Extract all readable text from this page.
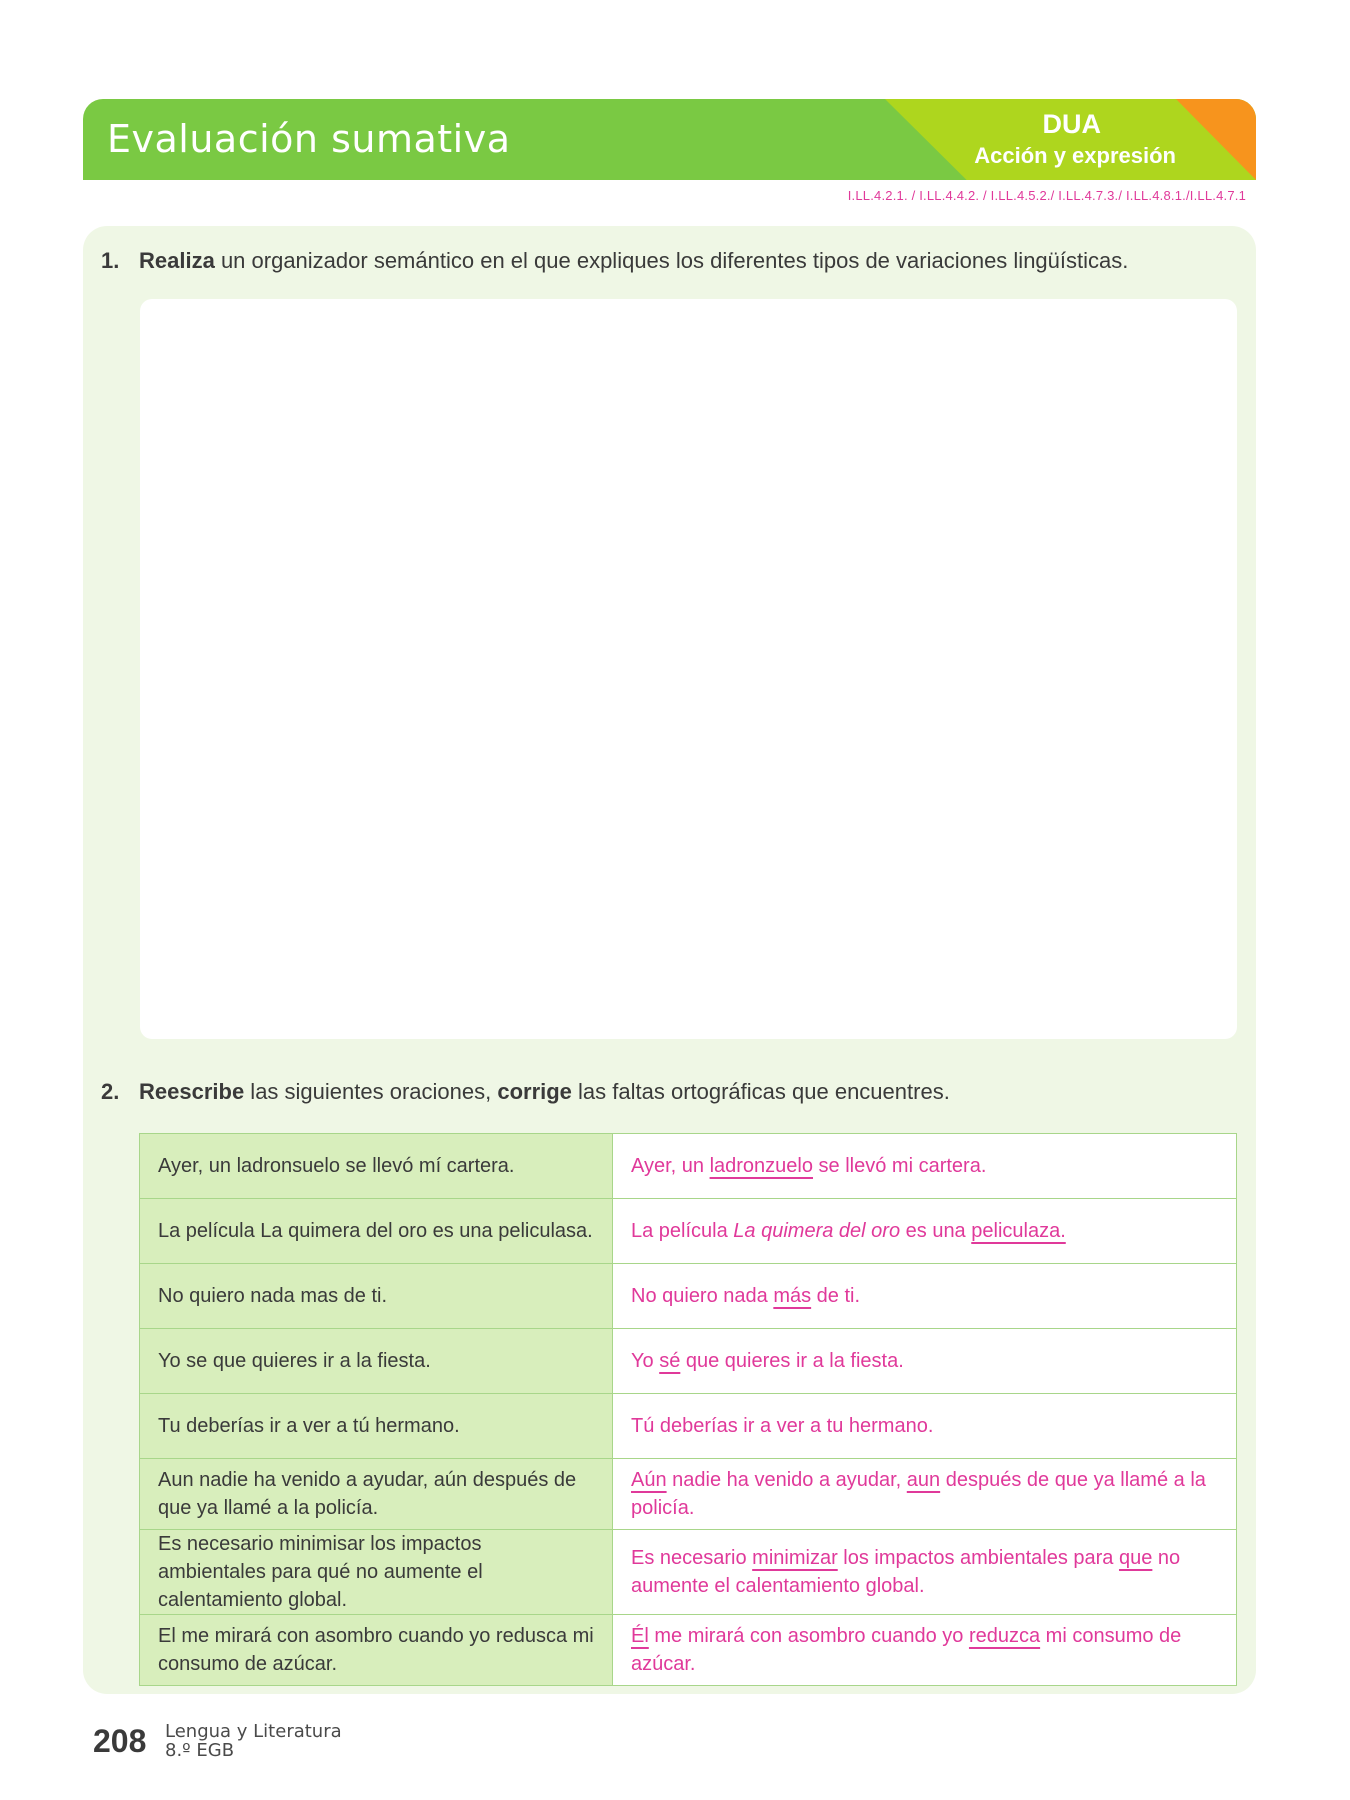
Evaluación sumativa	DUA
Acción y expresión
I.LL.4.2.1. / I.LL.4.4.2. / I.LL.4.5.2./ I.LL.4.7.3./ I.LL.4.8.1./I.LL.4.7.1
1. Realiza un organizador semántico en el que expliques los diferentes tipos de variaciones lingüísticas.
2. Reescribe las siguientes oraciones, corrige las faltas ortográficas que encuentres.
Ayer, un ladronsuelo se llevó mí cartera.	Ayer, un ladronzuelo se llevó mi cartera.
La película La quimera del oro es una peliculasa.	La película La quimera del oro es una peliculaza.
No quiero nada mas de ti.	No quiero nada más de ti.
Yo se que quieres ir a la fiesta.	Yo sé que quieres ir a la fiesta.
Tu deberías ir a ver a tú hermano.	Tú deberías ir a ver a tu hermano.
Aun nadie ha venido a ayudar, aún después de que ya llamé a la policía.	Aún nadie ha venido a ayudar, aun después de que ya llamé a la policía.
Es necesario minimisar los impactos ambientales para qué no aumente el calentamiento global.	Es necesario minimizar los impactos ambientales para que no aumente el calentamiento global.
El me mirará con asombro cuando yo redusca mi consumo de azúcar.	Él me mirará con asombro cuando yo reduzca mi consumo de azúcar.
208 Lengua y Literatura
8.º EGB
